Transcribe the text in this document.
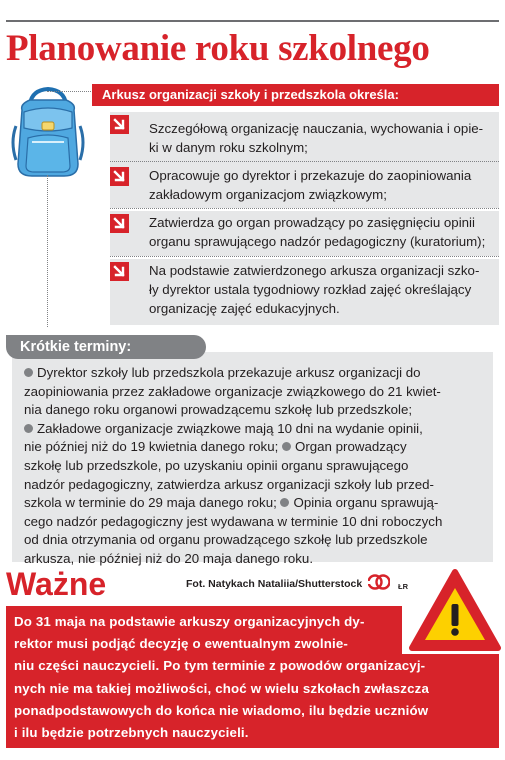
Planowanie roku szkolnego
Arkusz organizacji szkoły i przedszkola określa:
Szczegółową organizację nauczania, wychowania i opie-
ki w danym roku szkolnym;
Opracowuje go dyrektor i przekazuje do zaopiniowania
zakładowym organizacjom związkowym;
Zatwierdza go organ prowadzący po zasięgnięciu opinii
organu sprawującego nadzór pedagogiczny (kuratorium);
Na podstawie zatwierdzonego arkusza organizacji szko-
ły dyrektor ustala tygodniowy rozkład zajęć określający
organizację zajęć edukacyjnych.
Krótkie terminy:
Dyrektor szkoły lub przedszkola przekazuje arkusz organizacji do
zaopiniowania przez zakładowe organizacje związkowego do 21 kwiet-
nia danego roku organowi prowadzącemu szkołę lub przedszkole;
Zakładowe organizacje związkowe mają 10 dni na wydanie opinii,
nie później niż do 19 kwietnia danego roku; Organ prowadzący
szkołę lub przedszkole, po uzyskaniu opinii organu sprawującego
nadzór pedagogiczny, zatwierdza arkusz organizacji szkoły lub przed-
szkola w terminie do 29 maja danego roku; Opinia organu sprawują-
cego nadzór pedagogiczny jest wydawana w terminie 10 dni roboczych
od dnia otrzymania od organu prowadzącego szkołę lub przedszkole
arkusza, nie później niż do 20 maja danego roku.
Ważne	Fot. Natykach Nataliia/Shutterstock	ŁR
Do 31 maja na podstawie arkuszy organizacyjnych dy-
rektor musi podjąć decyzję o ewentualnym zwolnie-
niu części nauczycieli. Po tym terminie z powodów organizacyj-
nych nie ma takiej możliwości, choć w wielu szkołach zwłaszcza
ponadpodstawowych do końca nie wiadomo, ilu będzie uczniów
i ilu będzie potrzebnych nauczycieli.
